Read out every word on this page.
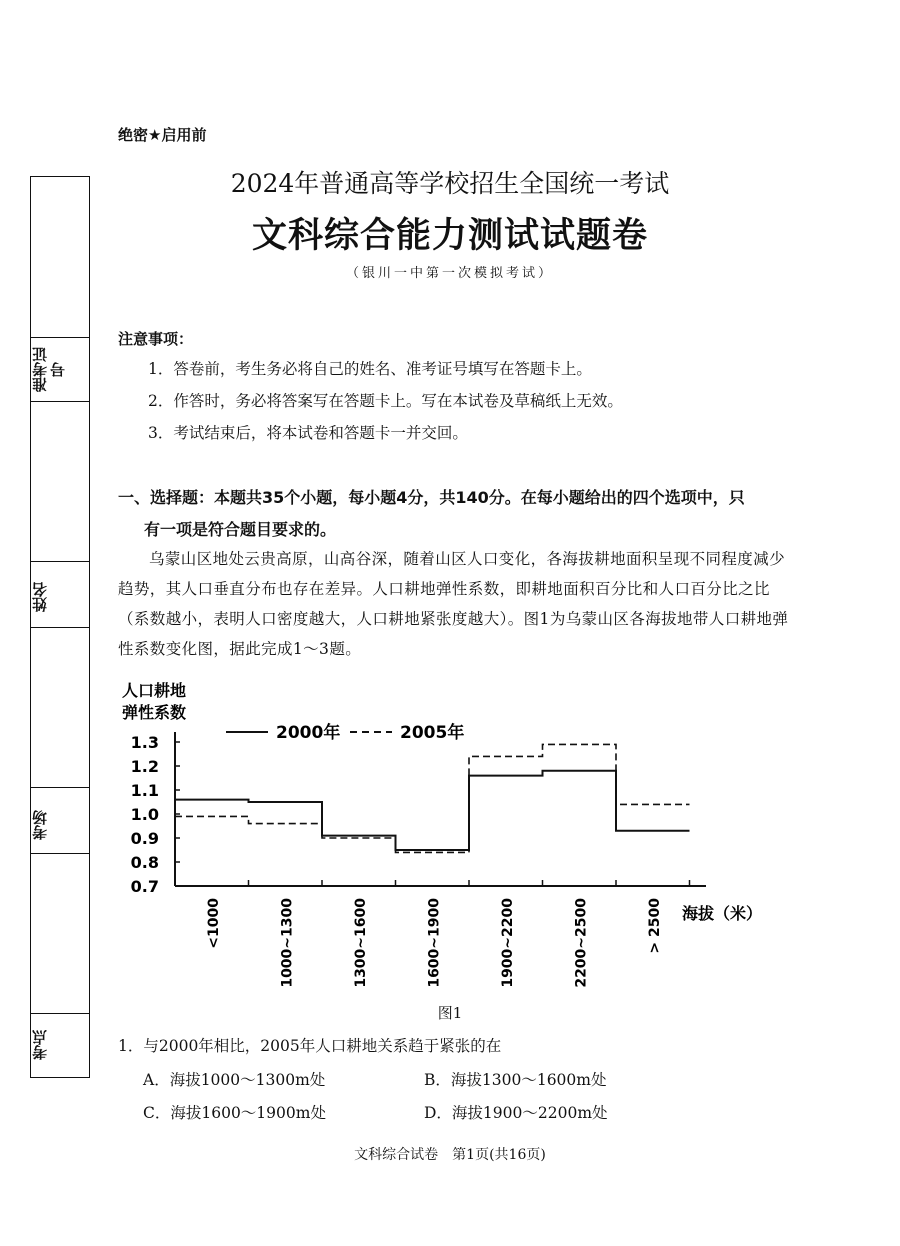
准考证号
姓名
考场
考点
绝密★启用前
2024年普通高等学校招生全国统一考试
文科综合能力测试试题卷
（银川一中第一次模拟考试）
注意事项：
1．答卷前，考生务必将自己的姓名、准考证号填写在答题卡上。
2．作答时，务必将答案写在答题卡上。写在本试卷及草稿纸上无效。
3．考试结束后，将本试卷和答题卡一并交回。
一、选择题：本题共35个小题，每小题4分，共140分。在每小题给出的四个选项中，只
有一项是符合题目要求的。
乌蒙山区地处云贵高原，山高谷深，随着山区人口变化，各海拔耕地面积呈现不同程度减少趋势，其人口垂直分布也存在差异。人口耕地弹性系数，即耕地面积百分比和人口百分比之比（系数越小，表明人口密度越大，人口耕地紧张度越大）。图1为乌蒙山区各海拔地带人口耕地弹性系数变化图，据此完成1～3题。
人口耕地
弹性系数
1.3
1.2
1.1
1.0
0.9
0.8
0.7
<1000	1000~1300	1300~1600	1600~1900	1900~2200	2200~2500	> 2500 海拔（米）
2000年	2005年
图1
1．与2000年相比，2005年人口耕地关系趋于紧张的在
A．海拔1000～1300m处	B．海拔1300～1600m处
C．海拔1600～1900m处	D．海拔1900～2200m处
文科综合试卷　第1页(共16页)
